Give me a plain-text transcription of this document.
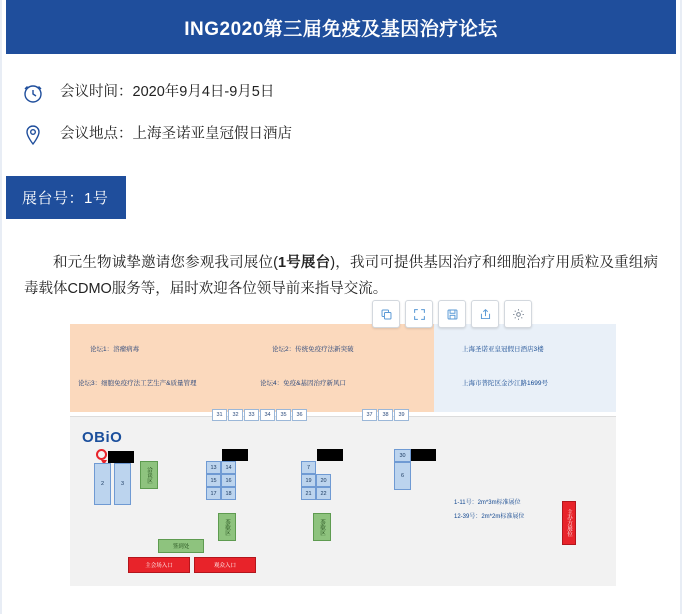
ING2020第三届免疫及基因治疗论坛
会议时间：2020年9月4日-9月5日
会议地点：上海圣诺亚皇冠假日酒店
展台号：1号

和元生物诚挚邀请您参观我司展位(1号展台)，我司可提供基因治疗和细胞治疗用质粒及重组病毒载体CDMO服务等，届时欢迎各位领导前来指导交流。

论坛1：溶瘤病毒
论坛3：细胞免疫疗法工艺生产&质量管理
论坛2：传统免疫疗法新突破
论坛4：免疫&基因治疗新风口
上海圣诺亚皇冠假日酒店3楼
上海市普陀区金沙江路1699号
OBiO
31	32	33	34	35	36	37	38	39
2	3
洽谈区	13
15
17
14
16
18
茶歇区
7
19
21
20
22
茶歇区
30
6
1-11号：2m*3m标准展位
12-39号：2m*2m标准展位	主办方展位
签到处
主会场入口	观众入口
